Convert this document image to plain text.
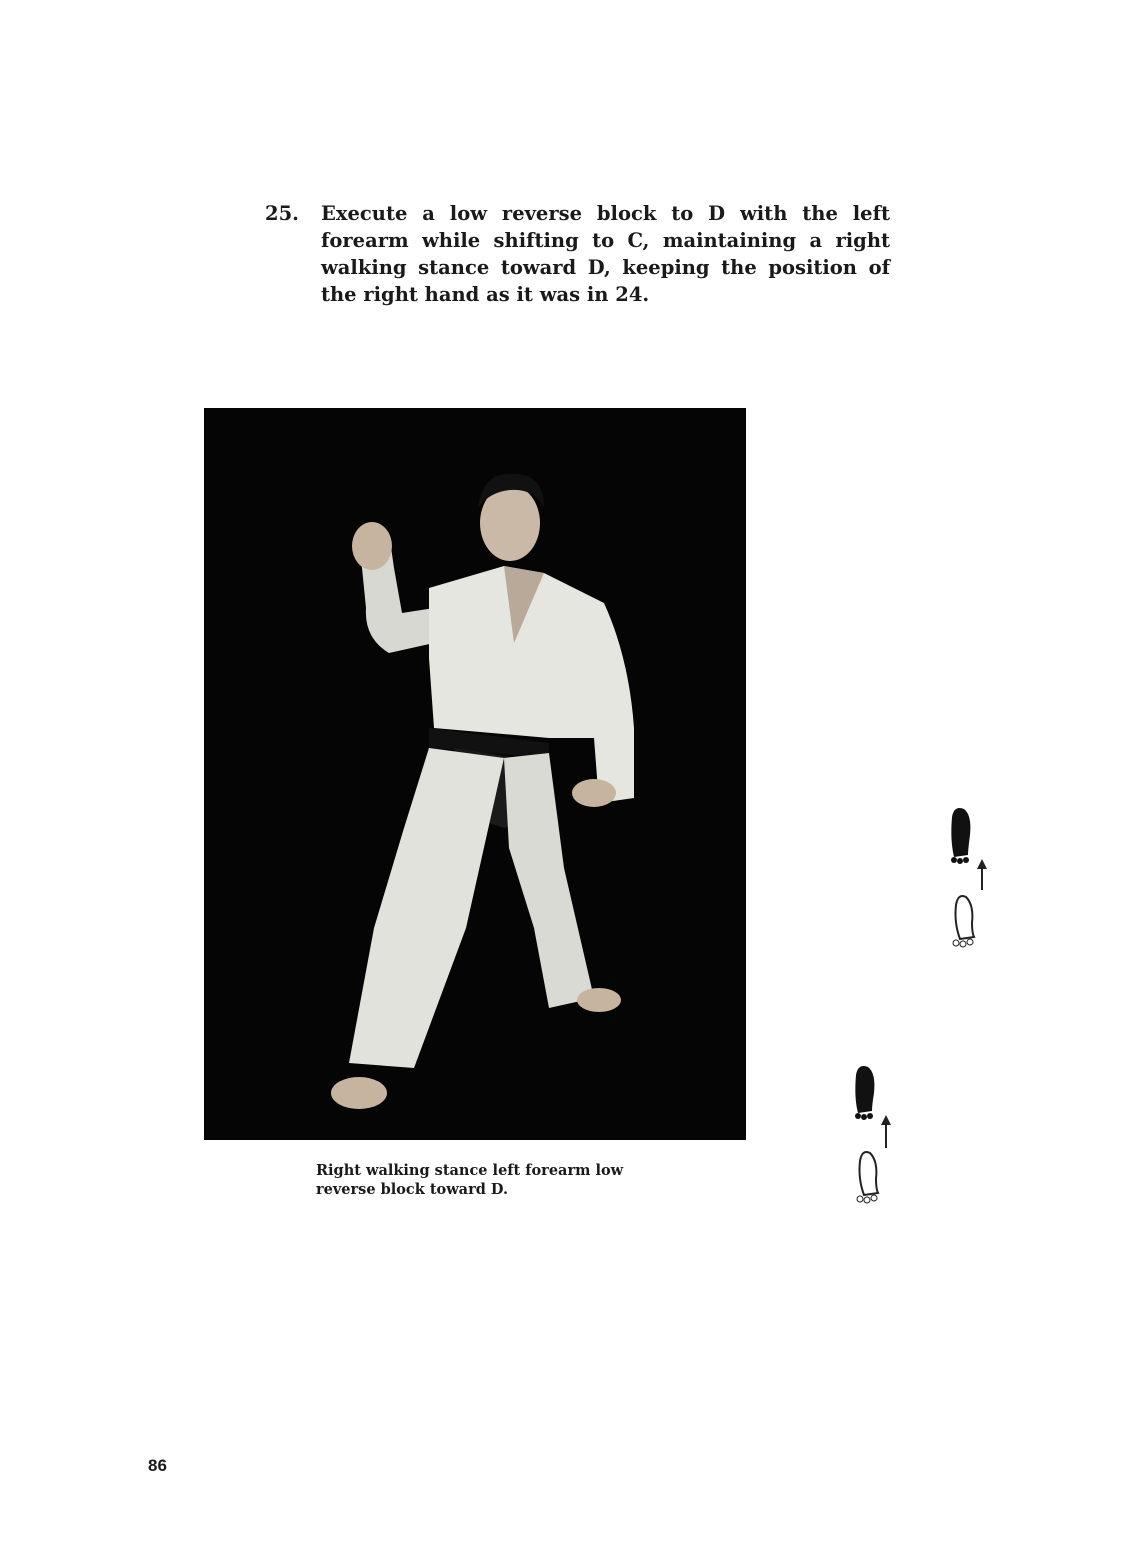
25. Execute a low reverse block to D with the left forearm while shifting to C, maintaining a right walking stance toward D, keeping the position of the right hand as it was in 24.
Right walking stance left forearm low reverse block toward D.
86
